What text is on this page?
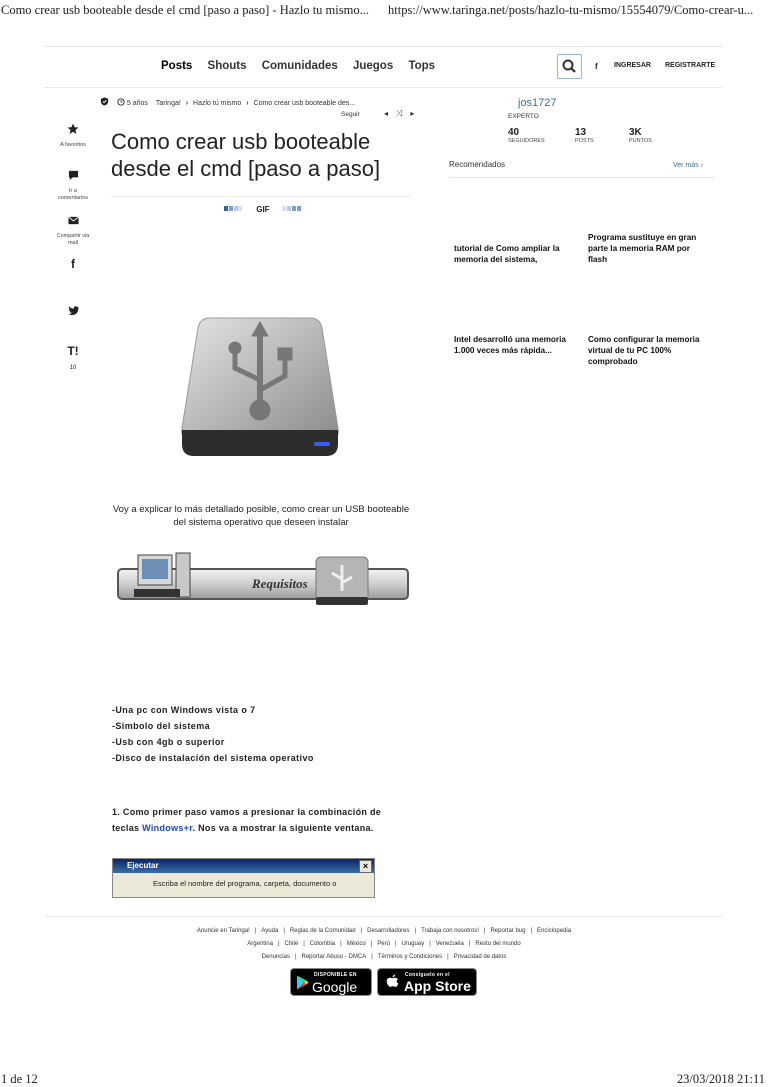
Como crear usb booteable desde el cmd [paso a paso] - Hazlo tu mismo... https://www.taringa.net/posts/hazlo-tu-mismo/15554079/Como-crear-u...
1 de 12	23/03/2018 21:11
Posts Shouts Comunidades Juegos Tops	f INGRESAR REGISTRARTE
5 años Taringa! › Hazlo tú mismo › Como crear usb booteable des...
Seguir	◂⤨▸
A favoritos
Ir a comentarios
Compartir via mail
f
T!
10
Como crear usb booteable desde el cmd [paso a paso]
GIF
Voy a explicar lo más detallado posible, como crear un USB booteable del sistema operativo que deseen instalar
Requisitos
-Una pc con Windows vista o 7
-Simbolo del sistema
-Usb con 4gb o superior
-Disco de instalación del sistema operativo
1. Como primer paso vamos a presionar la combinación de teclas Windows+r. Nos va a mostrar la siguiente ventana.
Ejecutar	×
Escriba el nombre del programa, carpeta, documento o
jos1727
EXPERTO
40
SEGUIDORES
13
POSTS
3K
PUNTOS
Recomendados	Ver más ›
tutorial de Como ampliar la memoria del sistema,
Programa sustituye en gran parte la memoria RAM por flash
Intel desarrolló una memoria 1.000 veces más rápida...
Como configurar la memoria virtual de tu PC 100% comprobado
Anuncie en Taringa! | Ayuda | Reglas de la Comunidad | Desarrolladores | Trabaja con nosotros! | Reportar bug | Enciclopedia
Argentina | Chile | Colombia | México | Perú | Uruguay | Venezuela | Resto del mundo
Denuncias | Reportar Abuso - DMCA | Términos y Condiciones | Privacidad de datos
DISPONIBLE EN
Google play
Consíguelo en el
App Store
